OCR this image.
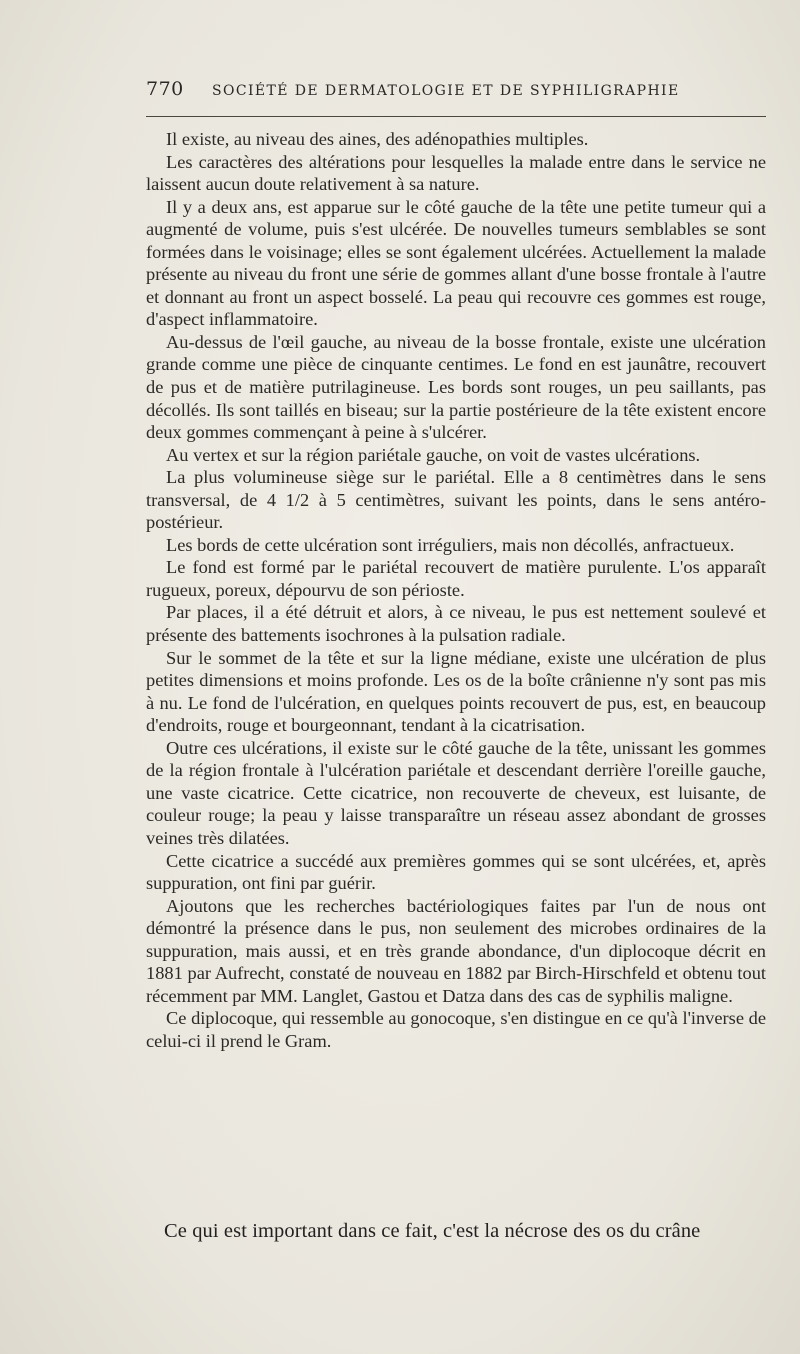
770	SOCIÉTÉ DE DERMATOLOGIE ET DE SYPHILIGRAPHIE

Il existe, au niveau des aines, des adénopathies multiples.

Les caractères des altérations pour lesquelles la malade entre dans le service ne laissent aucun doute relativement à sa nature.

Il y a deux ans, est apparue sur le côté gauche de la tête une petite tumeur qui a augmenté de volume, puis s'est ulcérée. De nouvelles tumeurs semblables se sont formées dans le voisinage; elles se sont également ulcérées. Actuellement la malade présente au niveau du front une série de gommes allant d'une bosse frontale à l'autre et donnant au front un aspect bosselé. La peau qui recouvre ces gommes est rouge, d'aspect inflammatoire.

Au-dessus de l'œil gauche, au niveau de la bosse frontale, existe une ulcération grande comme une pièce de cinquante centimes. Le fond en est jaunâtre, recouvert de pus et de matière putrilagineuse. Les bords sont rouges, un peu saillants, pas décollés. Ils sont taillés en biseau; sur la partie postérieure de la tête existent encore deux gommes commençant à peine à s'ulcérer.

Au vertex et sur la région pariétale gauche, on voit de vastes ulcérations.

La plus volumineuse siège sur le pariétal. Elle a 8 centimètres dans le sens transversal, de 4 1/2 à 5 centimètres, suivant les points, dans le sens antéro-postérieur.

Les bords de cette ulcération sont irréguliers, mais non décollés, anfractueux.

Le fond est formé par le pariétal recouvert de matière purulente. L'os apparaît rugueux, poreux, dépourvu de son périoste.

Par places, il a été détruit et alors, à ce niveau, le pus est nettement soulevé et présente des battements isochrones à la pulsation radiale.

Sur le sommet de la tête et sur la ligne médiane, existe une ulcération de plus petites dimensions et moins profonde. Les os de la boîte crânienne n'y sont pas mis à nu. Le fond de l'ulcération, en quelques points recouvert de pus, est, en beaucoup d'endroits, rouge et bourgeonnant, tendant à la cicatrisation.

Outre ces ulcérations, il existe sur le côté gauche de la tête, unissant les gommes de la région frontale à l'ulcération pariétale et descendant derrière l'oreille gauche, une vaste cicatrice. Cette cicatrice, non recouverte de cheveux, est luisante, de couleur rouge; la peau y laisse transparaître un réseau assez abondant de grosses veines très dilatées.

Cette cicatrice a succédé aux premières gommes qui se sont ulcérées, et, après suppuration, ont fini par guérir.

Ajoutons que les recherches bactériologiques faites par l'un de nous ont démontré la présence dans le pus, non seulement des microbes ordinaires de la suppuration, mais aussi, et en très grande abondance, d'un diplocoque décrit en 1881 par Aufrecht, constaté de nouveau en 1882 par Birch-Hirschfeld et obtenu tout récemment par MM. Langlet, Gastou et Datza dans des cas de syphilis maligne.

Ce diplocoque, qui ressemble au gonocoque, s'en distingue en ce qu'à l'inverse de celui-ci il prend le Gram.

Ce qui est important dans ce fait, c'est la nécrose des os du crâne
